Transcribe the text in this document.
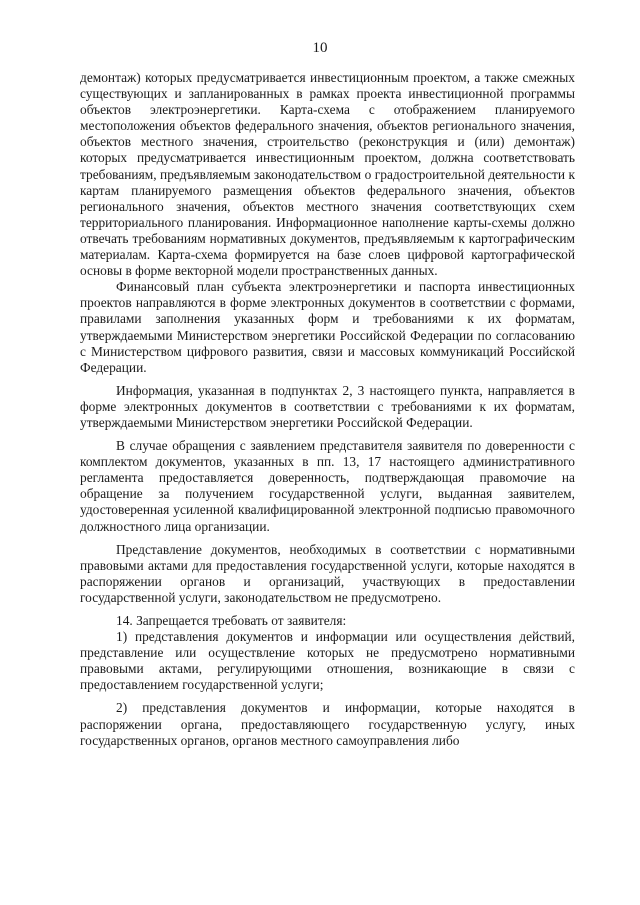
10

демонтаж) которых предусматривается инвестиционным проектом, а также смежных существующих и запланированных в рамках проекта инвестиционной программы объектов электроэнергетики. Карта-схема с отображением планируемого местоположения объектов федерального значения, объектов регионального значения, объектов местного значения, строительство (реконструкция и (или) демонтаж) которых предусматривается инвестиционным проектом, должна соответствовать требованиям, предъявляемым законодательством о градостроительной деятельности к картам планируемого размещения объектов федерального значения, объектов регионального значения, объектов местного значения соответствующих схем территориального планирования. Информационное наполнение карты-схемы должно отвечать требованиям нормативных документов, предъявляемым к картографическим материалам. Карта-схема формируется на базе слоев цифровой картографической основы в форме векторной модели пространственных данных.

Финансовый план субъекта электроэнергетики и паспорта инвестиционных проектов направляются в форме электронных документов в соответствии с формами, правилами заполнения указанных форм и требованиями к их форматам, утверждаемыми Министерством энергетики Российской Федерации по согласованию с Министерством цифрового развития, связи и массовых коммуникаций Российской Федерации.

Информация, указанная в подпунктах 2, 3 настоящего пункта, направляется в форме электронных документов в соответствии с требованиями к их форматам, утверждаемыми Министерством энергетики Российской Федерации.

В случае обращения с заявлением представителя заявителя по доверенности с комплектом документов, указанных в пп. 13, 17 настоящего административного регламента предоставляется доверенность, подтверждающая правомочие на обращение за получением государственной услуги, выданная заявителем, удостоверенная усиленной квалифицированной электронной подписью правомочного должностного лица организации.

Представление документов, необходимых в соответствии с нормативными правовыми актами для предоставления государственной услуги, которые находятся в распоряжении органов и организаций, участвующих в предоставлении государственной услуги, законодательством не предусмотрено.

14. Запрещается требовать от заявителя:

1) представления документов и информации или осуществления действий, представление или осуществление которых не предусмотрено нормативными правовыми актами, регулирующими отношения, возникающие в связи с предоставлением государственной услуги;

2) представления документов и информации, которые находятся в распоряжении органа, предоставляющего государственную услугу, иных государственных органов, органов местного самоуправления либо
